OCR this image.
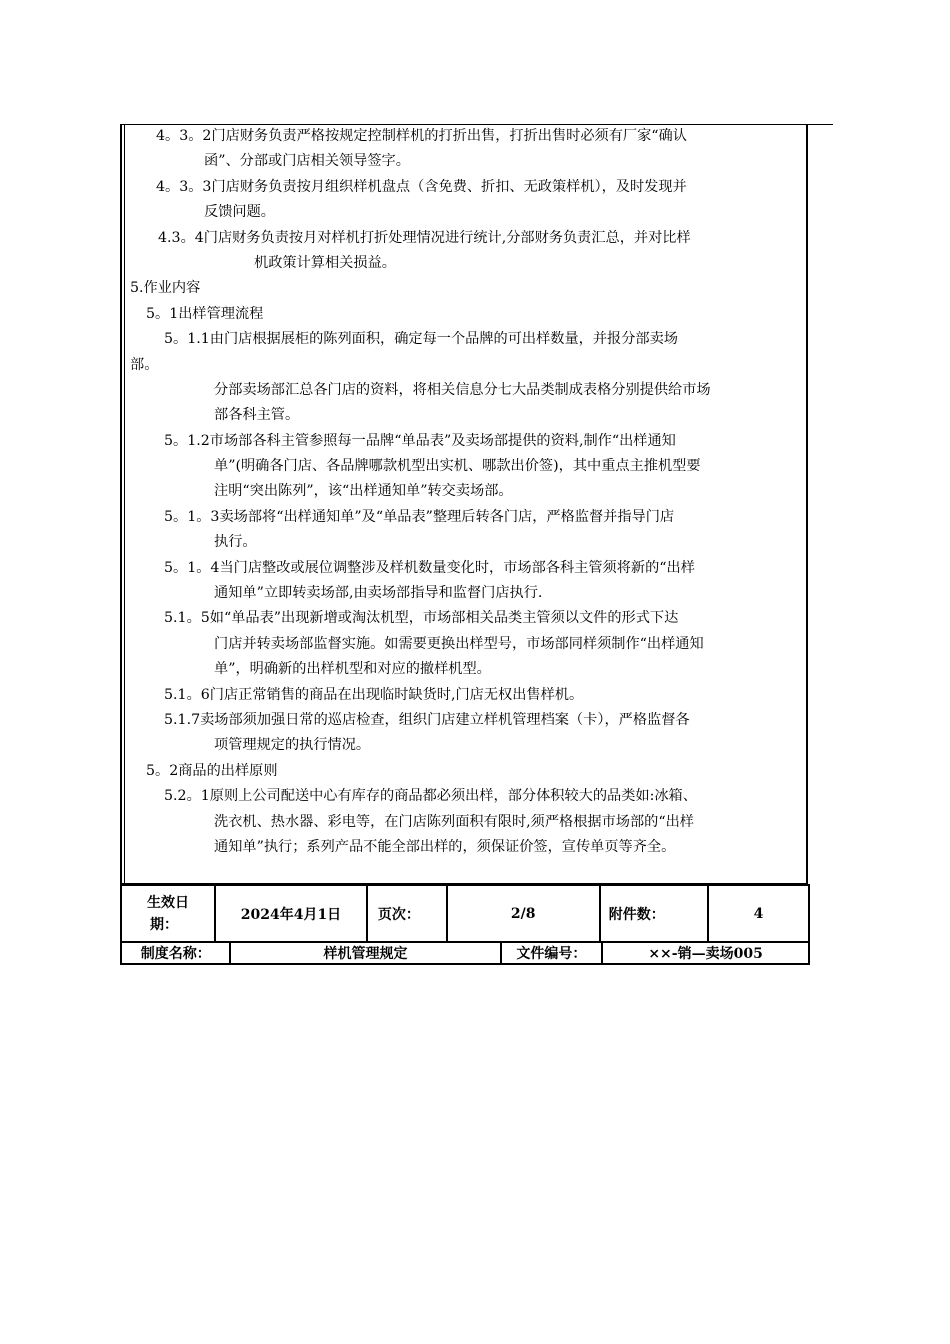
4。3。2门店财务负责严格按规定控制样机的打折出售，打折出售时必须有厂家“确认
函”、分部或门店相关领导签字。
4。3。3门店财务负责按月组织样机盘点（含免费、折扣、无政策样机），及时发现并
反馈问题。
4.3。4门店财务负责按月对样机打折处理情况进行统计,分部财务负责汇总，并对比样
机政策计算相关损益。
5.作业内容
5。1出样管理流程
5。1.1由门店根据展柜的陈列面积，确定每一个品牌的可出样数量，并报分部卖场
部。
分部卖场部汇总各门店的资料，将相关信息分七大品类制成表格分别提供给市场
部各科主管。
5。1.2市场部各科主管参照每一品牌“单品表”及卖场部提供的资料,制作“出样通知
单”(明确各门店、各品牌哪款机型出实机、哪款出价签)，其中重点主推机型要
注明“突出陈列”，该“出样通知单”转交卖场部。
5。1。3卖场部将“出样通知单”及“单品表”整理后转各门店，严格监督并指导门店
执行。
5。1。4当门店整改或展位调整涉及样机数量变化时，市场部各科主管须将新的“出样
通知单”立即转卖场部,由卖场部指导和监督门店执行.
5.1。5如“单品表”出现新增或淘汰机型，市场部相关品类主管须以文件的形式下达
门店并转卖场部监督实施。如需要更换出样型号，市场部同样须制作“出样通知
单”，明确新的出样机型和对应的撤样机型。
5.1。6门店正常销售的商品在出现临时缺货时,门店无权出售样机。
5.1.7卖场部须加强日常的巡店检查，组织门店建立样机管理档案（卡），严格监督各
项管理规定的执行情况。
5。2商品的出样原则
5.2。1原则上公司配送中心有库存的商品都必须出样，部分体积较大的品类如:冰箱、
洗衣机、热水器、彩电等，在门店陈列面积有限时,须严格根据市场部的“出样
通知单”执行；系列产品不能全部出样的，须保证价签，宣传单页等齐全。
生效日
期：
	2024年4月1日	页次：	2/8	附件数：	4
制度名称：	样机管理规定	文件编号：	××-销—卖场005
